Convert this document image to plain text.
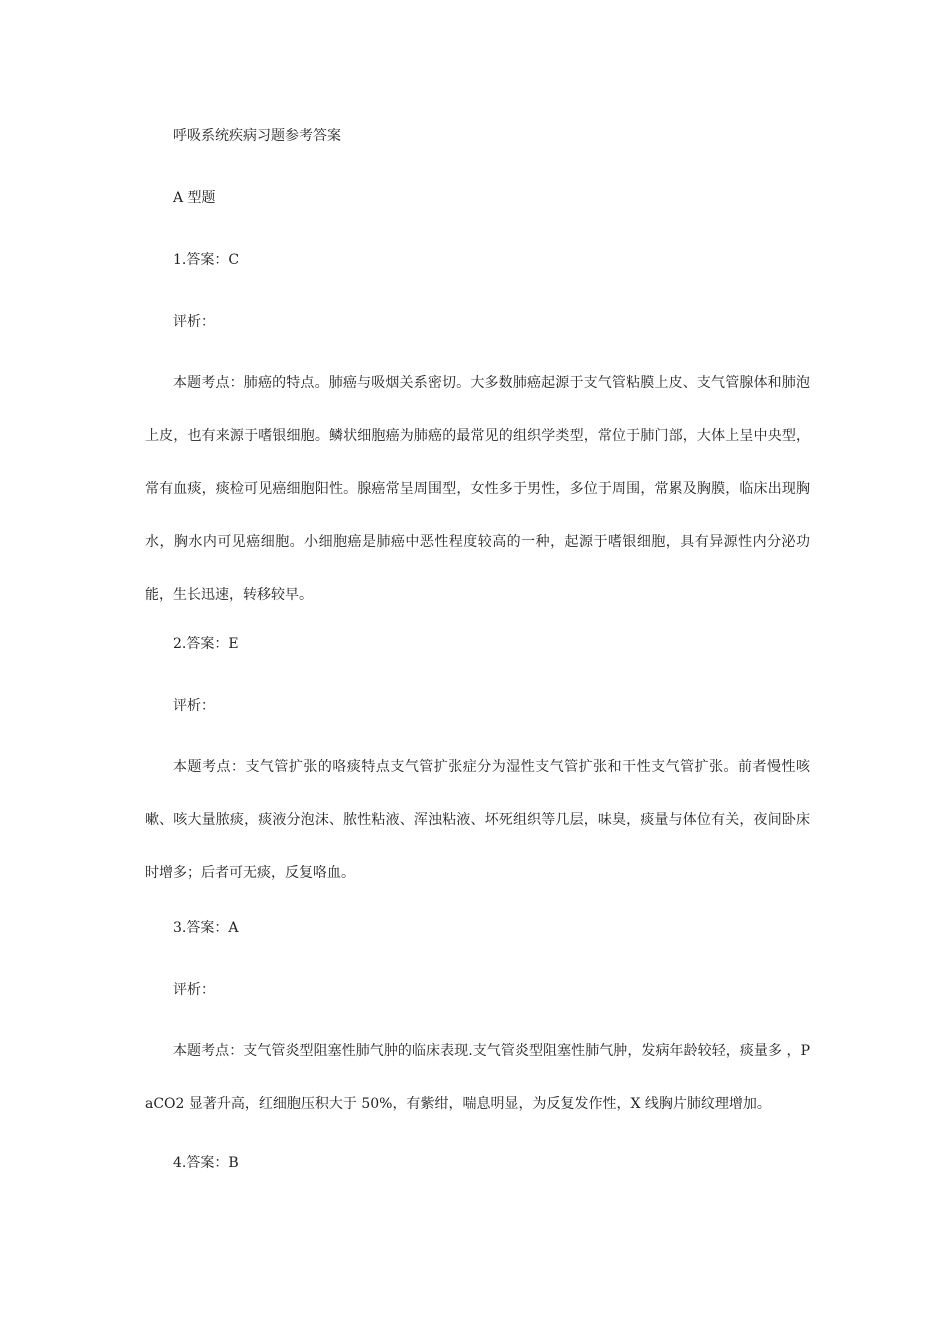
呼吸系统疾病习题参考答案

A 型题

1.答案：C

评析：

本题考点：肺癌的特点。肺癌与吸烟关系密切。大多数肺癌起源于支气管粘膜上皮、支气管腺体和肺泡上皮，也有来源于嗜银细胞。鳞状细胞癌为肺癌的最常见的组织学类型，常位于肺门部，大体上呈中央型，常有血痰，痰检可见癌细胞阳性。腺癌常呈周围型，女性多于男性，多位于周围，常累及胸膜，临床出现胸水，胸水内可见癌细胞。小细胞癌是肺癌中恶性程度较高的一种，起源于嗜银细胞，具有异源性内分泌功能，生长迅速，转移较早。

2.答案：E

评析：

本题考点：支气管扩张的咯痰特点支气管扩张症分为湿性支气管扩张和干性支气管扩张。前者慢性咳嗽、咳大量脓痰，痰液分泡沫、脓性粘液、浑浊粘液、坏死组织等几层，味臭，痰量与体位有关，夜间卧床时增多；后者可无痰，反复咯血。

3.答案：A

评析：

本题考点：支气管炎型阻塞性肺气肿的临床表现.支气管炎型阻塞性肺气肿，发病年龄较轻，痰量多 ，PaCO2 显著升高，红细胞压积大于 50%，有紫绀，喘息明显，为反复发作性，X 线胸片肺纹理增加。

4.答案：B
